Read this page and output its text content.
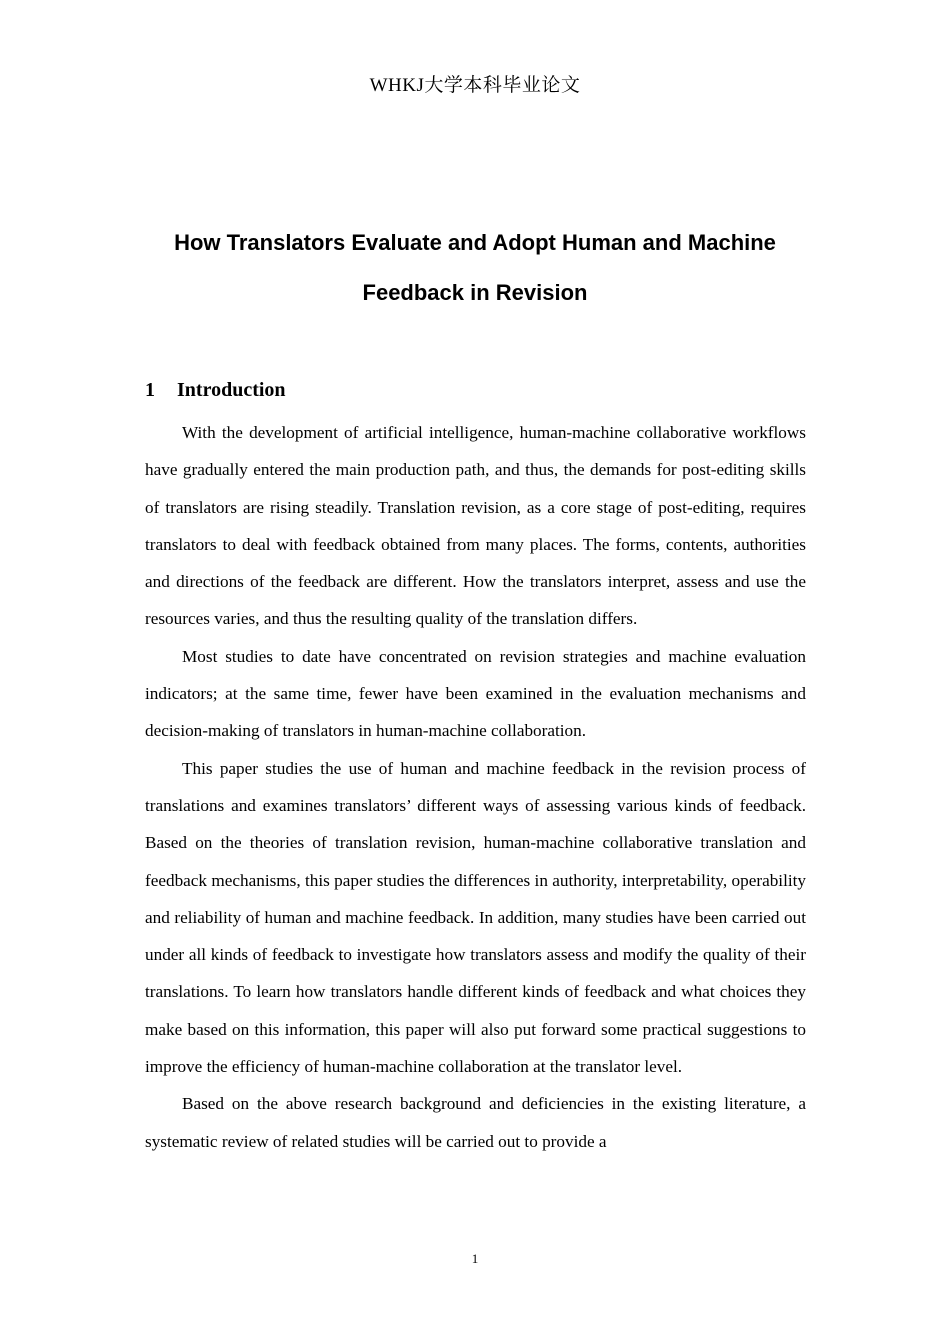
WHKJ大学本科毕业论文
How Translators Evaluate and Adopt Human and Machine Feedback in Revision
1 Introduction

With the development of artificial intelligence, human-machine collaborative workflows have gradually entered the main production path, and thus, the demands for post-editing skills of translators are rising steadily. Translation revision, as a core stage of post-editing, requires translators to deal with feedback obtained from many places. The forms, contents, authorities and directions of the feedback are different. How the translators interpret, assess and use the resources varies, and thus the resulting quality of the translation differs.

Most studies to date have concentrated on revision strategies and machine evaluation indicators; at the same time, fewer have been examined in the evaluation mechanisms and decision-making of translators in human-machine collaboration.

This paper studies the use of human and machine feedback in the revision process of translations and examines translators’ different ways of assessing various kinds of feedback. Based on the theories of translation revision, human-machine collaborative translation and feedback mechanisms, this paper studies the differences in authority, interpretability, operability and reliability of human and machine feedback. In addition, many studies have been carried out under all kinds of feedback to investigate how translators assess and modify the quality of their translations. To learn how translators handle different kinds of feedback and what choices they make based on this information, this paper will also put forward some practical suggestions to improve the efficiency of human-machine collaboration at the translator level.

Based on the above research background and deficiencies in the existing literature, a systematic review of related studies will be carried out to provide a

1
